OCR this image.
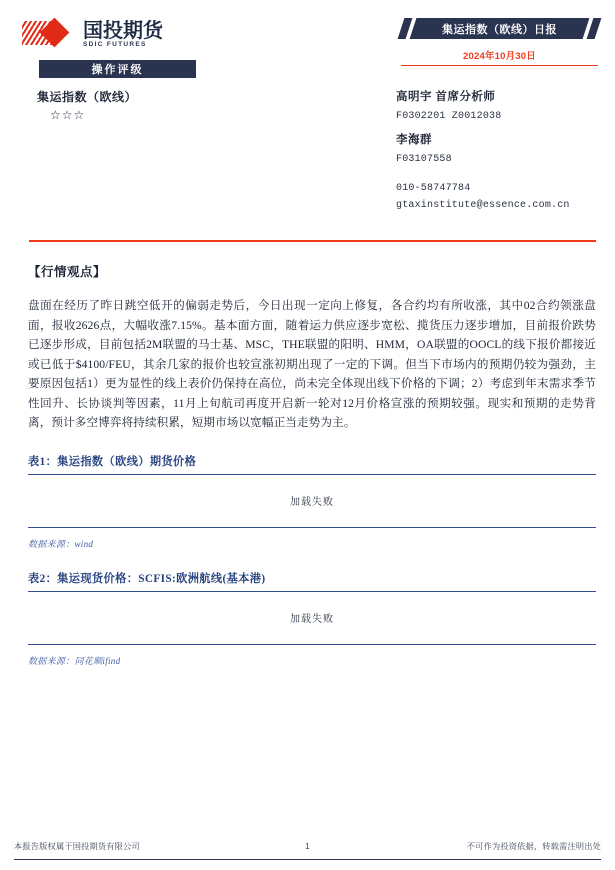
国投期货
SDIC FUTURES
操作评级
集运指数（欧线）
☆☆☆
集运指数（欧线）日报
2024年10月30日
高明宇 首席分析师
F0302201 Z0012038
李海群
F03107558
010-58747784
gtaxinstitute@essence.com.cn
【行情观点】
盘面在经历了昨日跳空低开的偏弱走势后，今日出现一定向上修复，各合约均有所收涨，其中02合约领涨盘面，报收2626点，大幅收涨7.15%。基本面方面，随着运力供应逐步宽松、揽货压力逐步增加，目前报价跌势已逐步形成，目前包括2M联盟的马士基、MSC，THE联盟的阳明、HMM，OA联盟的OOCL的线下报价都接近或已低于$4100/FEU，其余几家的报价也较宣涨初期出现了一定的下调。但当下市场内的预期仍较为强劲，主要原因包括1）更为显性的线上表价仍保持在高位，尚未完全体现出线下价格的下调；2）考虑到年末需求季节性回升、长协谈判等因素，11月上旬航司再度开启新一轮对12月价格宣涨的预期较强。现实和预期的走势背离，预计多空博弈将持续积累，短期市场以宽幅正当走势为主。
表1：集运指数（欧线）期货价格
加载失败
数据来源：wind
表2：集运现货价格：SCFIS:欧洲航线(基本港)
加载失败
数据来源：同花顺ifind
本报告版权属于国投期货有限公司	1	不可作为投资依据，转载需注明出处
